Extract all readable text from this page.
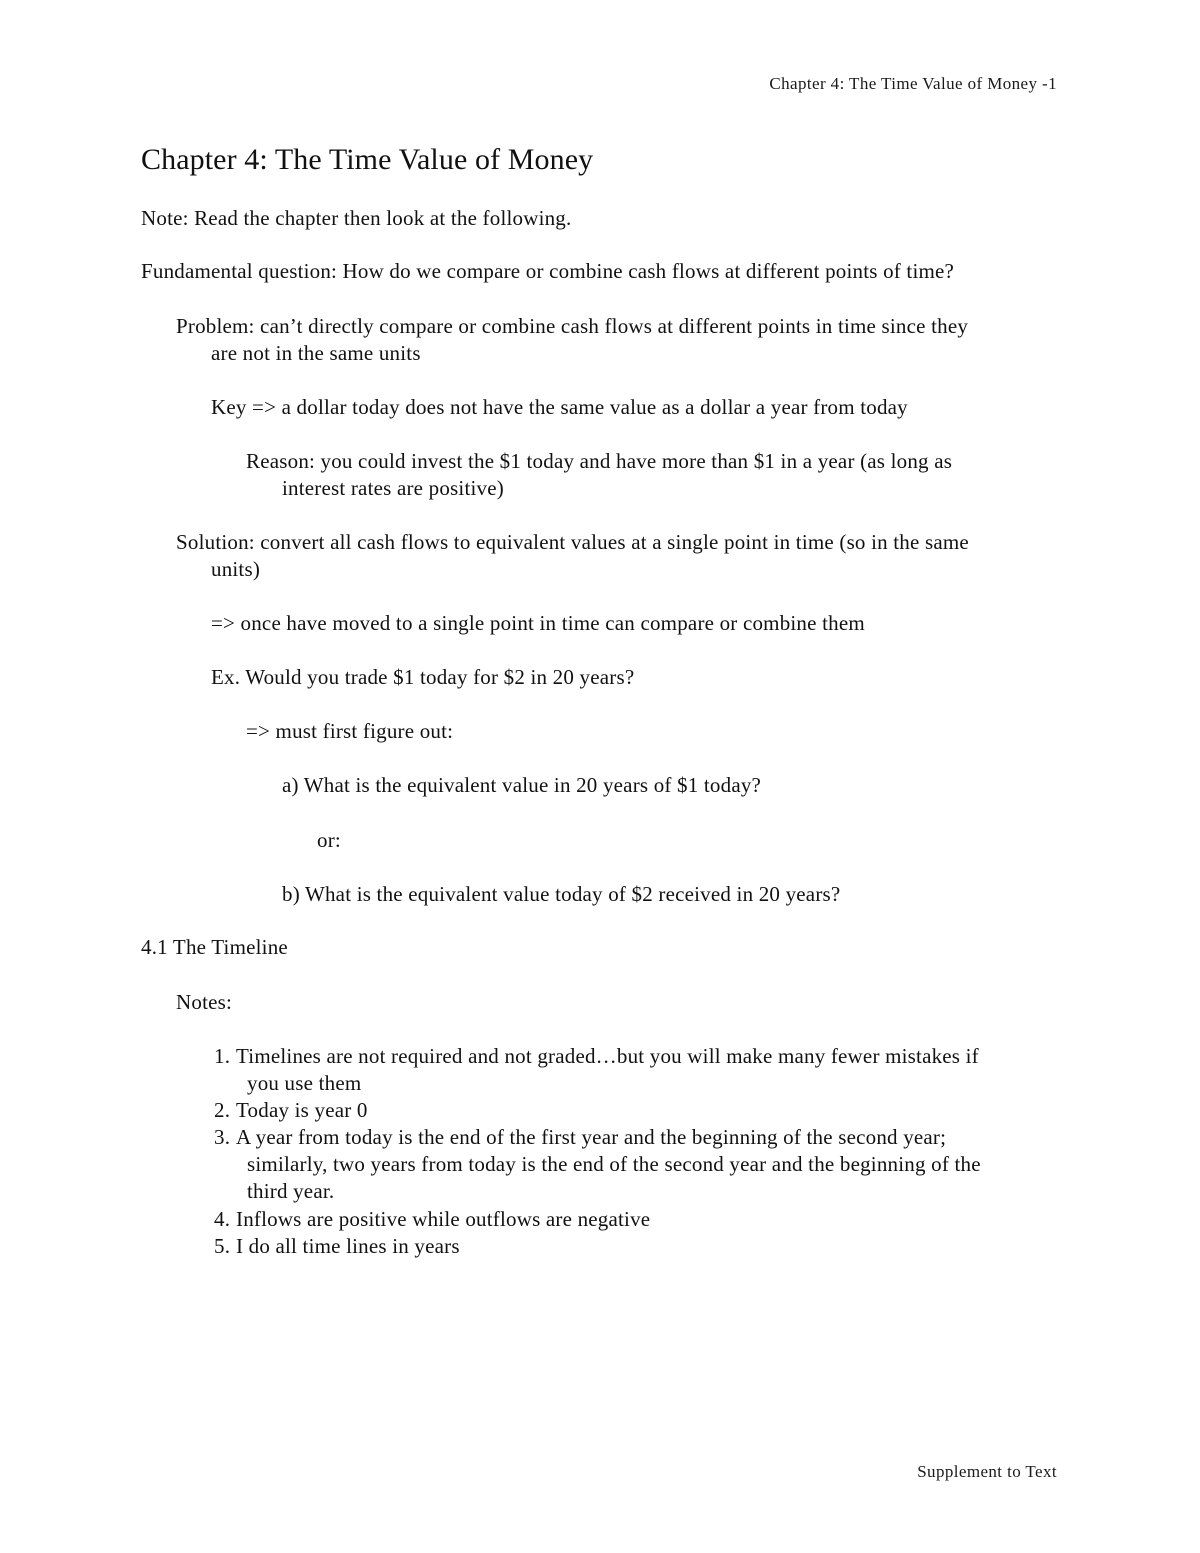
Chapter 4: The Time Value of Money -1
Chapter 4: The Time Value of Money
Note: Read the chapter then look at the following.
Fundamental question: How do we compare or combine cash flows at different points of time?
Problem: can’t directly compare or combine cash flows at different points in time since they
are not in the same units
Key => a dollar today does not have the same value as a dollar a year from today
Reason: you could invest the $1 today and have more than $1 in a year (as long as
interest rates are positive)
Solution: convert all cash flows to equivalent values at a single point in time (so in the same
units)
=> once have moved to a single point in time can compare or combine them
Ex. Would you trade $1 today for $2 in 20 years?
=> must first figure out:
a) What is the equivalent value in 20 years of $1 today?
or:
b) What is the equivalent value today of $2 received in 20 years?
4.1 The Timeline
Notes:
1. Timelines are not required and not graded…but you will make many fewer mistakes if
you use them
2. Today is year 0
3. A year from today is the end of the first year and the beginning of the second year;
similarly, two years from today is the end of the second year and the beginning of the
third year.
4. Inflows are positive while outflows are negative
5. I do all time lines in years
Supplement to Text
